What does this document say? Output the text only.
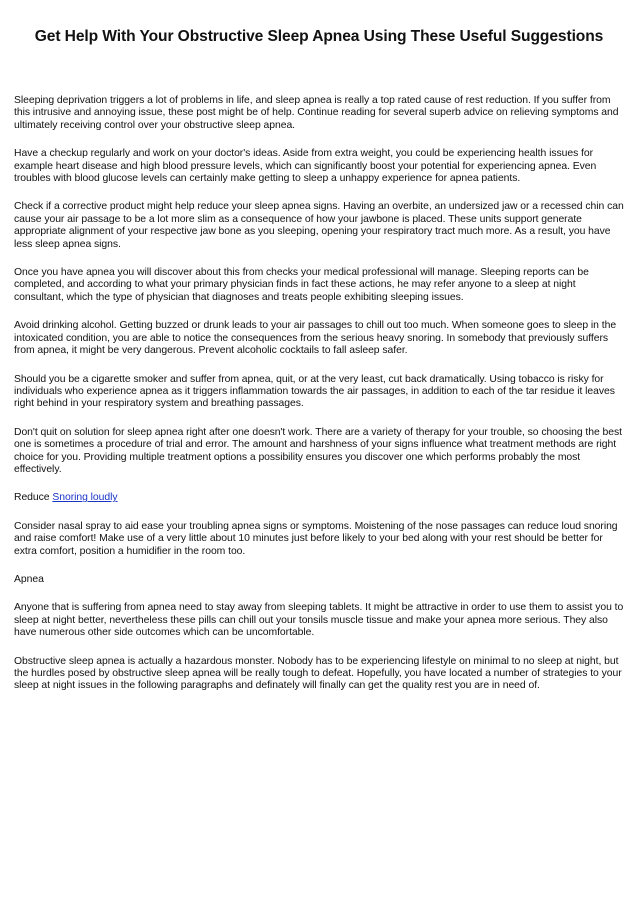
Get Help With Your Obstructive Sleep Apnea Using These Useful Suggestions

Sleeping deprivation triggers a lot of problems in life, and sleep apnea is really a top rated cause of rest reduction. If you suffer from this intrusive and annoying issue, these post might be of help. Continue reading for several superb advice on relieving symptoms and ultimately receiving control over your obstructive sleep apnea.

Have a checkup regularly and work on your doctor's ideas. Aside from extra weight, you could be experiencing health issues for example heart disease and high blood pressure levels, which can significantly boost your potential for experiencing apnea. Even troubles with blood glucose levels can certainly make getting to sleep a unhappy experience for apnea patients.

Check if a corrective product might help reduce your sleep apnea signs. Having an overbite, an undersized jaw or a recessed chin can cause your air passage to be a lot more slim as a consequence of how your jawbone is placed. These units support generate appropriate alignment of your respective jaw bone as you sleeping, opening your respiratory tract much more. As a result, you have less sleep apnea signs.

Once you have apnea you will discover about this from checks your medical professional will manage. Sleeping reports can be completed, and according to what your primary physician finds in fact these actions, he may refer anyone to a sleep at night consultant, which the type of physician that diagnoses and treats people exhibiting sleeping issues.

Avoid drinking alcohol. Getting buzzed or drunk leads to your air passages to chill out too much. When someone goes to sleep in the intoxicated condition, you are able to notice the consequences from the serious heavy snoring. In somebody that previously suffers from apnea, it might be very dangerous. Prevent alcoholic cocktails to fall asleep safer.

Should you be a cigarette smoker and suffer from apnea, quit, or at the very least, cut back dramatically. Using tobacco is risky for individuals who experience apnea as it triggers inflammation towards the air passages, in addition to each of the tar residue it leaves right behind in your respiratory system and breathing passages.

Don't quit on solution for sleep apnea right after one doesn't work. There are a variety of therapy for your trouble, so choosing the best one is sometimes a procedure of trial and error. The amount and harshness of your signs influence what treatment methods are right choice for you. Providing multiple treatment options a possibility ensures you discover one which performs probably the most effectively.

Reduce Snoring loudly

Consider nasal spray to aid ease your troubling apnea signs or symptoms. Moistening of the nose passages can reduce loud snoring and raise comfort! Make use of a very little about 10 minutes just before likely to your bed along with your rest should be better for extra comfort, position a humidifier in the room too.

Apnea

Anyone that is suffering from apnea need to stay away from sleeping tablets. It might be attractive in order to use them to assist you to sleep at night better, nevertheless these pills can chill out your tonsils muscle tissue and make your apnea more serious. They also have numerous other side outcomes which can be uncomfortable.

Obstructive sleep apnea is actually a hazardous monster. Nobody has to be experiencing lifestyle on minimal to no sleep at night, but the hurdles posed by obstructive sleep apnea will be really tough to defeat. Hopefully, you have located a number of strategies to your sleep at night issues in the following paragraphs and definately will finally can get the quality rest you are in need of.
